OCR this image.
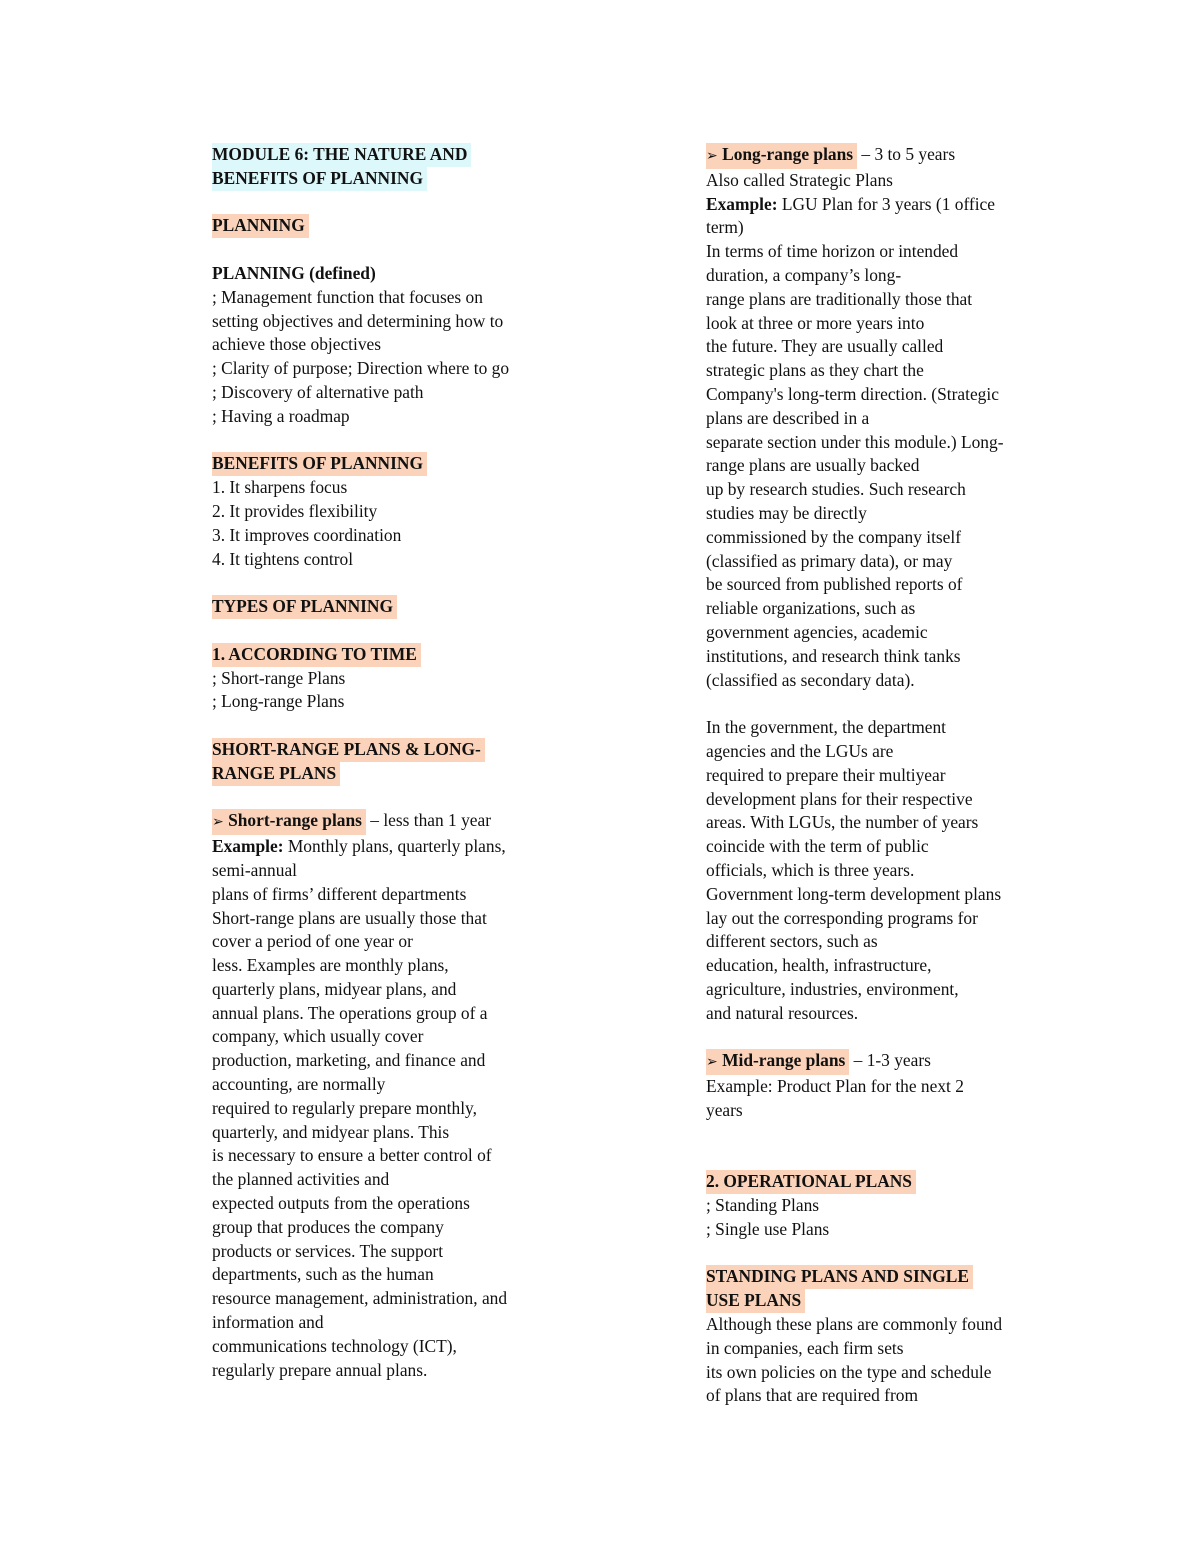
MODULE 6: THE NATURE AND
BENEFITS OF PLANNING
PLANNING
PLANNING (defined)
; Management function that focuses on
setting objectives and determining how to
achieve those objectives
; Clarity of purpose; Direction where to go
; Discovery of alternative path
; Having a roadmap
BENEFITS OF PLANNING
1. It sharpens focus
2. It provides flexibility
3. It improves coordination
4. It tightens control
TYPES OF PLANNING
1. ACCORDING TO TIME
; Short-range Plans
; Long-range Plans
SHORT-RANGE PLANS & LONG-
RANGE PLANS
➢ Short-range plans – less than 1 year
Example: Monthly plans, quarterly plans,
semi-annual
plans of firms’ different departments
Short-range plans are usually those that
cover a period of one year or
less. Examples are monthly plans,
quarterly plans, midyear plans, and
annual plans. The operations group of a
company, which usually cover
production, marketing, and finance and
accounting, are normally
required to regularly prepare monthly,
quarterly, and midyear plans. This
is necessary to ensure a better control of
the planned activities and
expected outputs from the operations
group that produces the company
products or services. The support
departments, such as the human
resource management, administration, and
information and
communications technology (ICT),
regularly prepare annual plans.
➢ Long-range plans – 3 to 5 years
Also called Strategic Plans
Example: LGU Plan for 3 years (1 office
term)
In terms of time horizon or intended
duration, a company’s long-
range plans are traditionally those that
look at three or more years into
the future. They are usually called
strategic plans as they chart the
Company's long-term direction. (Strategic
plans are described in a
separate section under this module.) Long-
range plans are usually backed
up by research studies. Such research
studies may be directly
commissioned by the company itself
(classified as primary data), or may
be sourced from published reports of
reliable organizations, such as
government agencies, academic
institutions, and research think tanks
(classified as secondary data).
In the government, the department
agencies and the LGUs are
required to prepare their multiyear
development plans for their respective
areas. With LGUs, the number of years
coincide with the term of public
officials, which is three years.
Government long-term development plans
lay out the corresponding programs for
different sectors, such as
education, health, infrastructure,
agriculture, industries, environment,
and natural resources.
➢ Mid-range plans – 1-3 years
Example: Product Plan for the next 2
years
2. OPERATIONAL PLANS
; Standing Plans
; Single use Plans
STANDING PLANS AND SINGLE
USE PLANS
Although these plans are commonly found
in companies, each firm sets
its own policies on the type and schedule
of plans that are required from
